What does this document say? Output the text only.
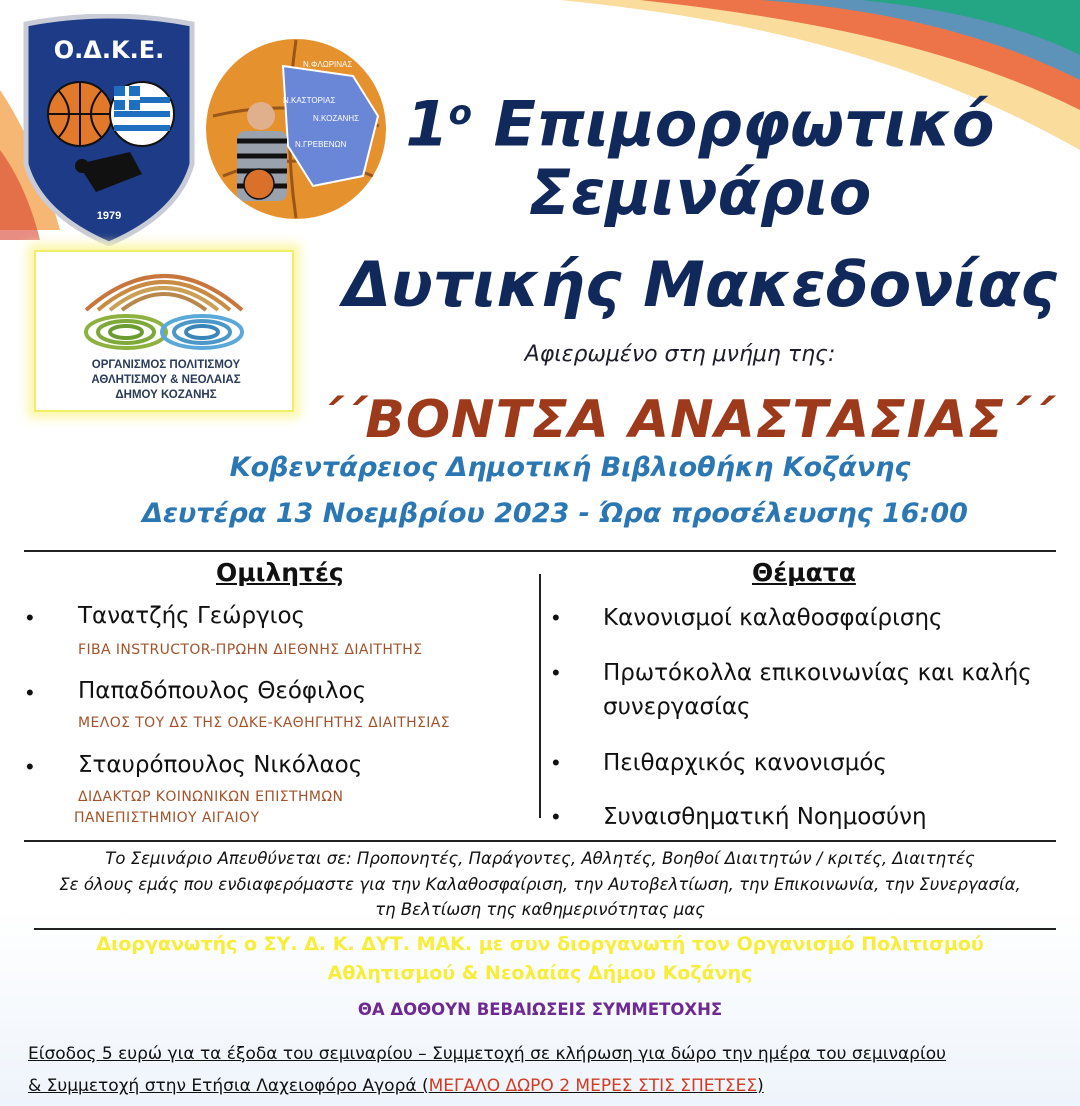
Ο.Δ.Κ.Ε.
1979
Ν.ΦΛΩΡΙΝΑΣ
Ν.ΚΑΣΤΟΡΙΑΣ
Ν.ΚΟΖΑΝΗΣ
Ν.ΓΡΕΒΕΝΩΝ
ΟΡΓΑΝΙΣΜΟΣ ΠΟΛΙΤΙΣΜΟΥ
ΑΘΛΗΤΙΣΜΟΥ & ΝΕΟΛΑΙΑΣ
ΔΗΜΟΥ ΚΟΖΑΝΗΣ
$1^o$ Επιμορφωτικό
Σεμινάριο
Δυτικής Μακεδονίας
Αφιερωμένο στη μνήμη της:
΄΄ΒΟΝΤΣΑ ΑΝΑΣΤΑΣΙΑΣ΄΄
Κοβεντάρειος Δημοτική Βιβλιοθήκη Κοζάνης
Δευτέρα 13 Νοεμβρίου 2023 - Ώρα προσέλευσης 16:00
Ομιλητές
• Τανατζής Γεώργιος
FIBA INSTRUCTOR-ΠΡΩΗΝ ΔΙΕΘΝΗΣ ΔΙΑΙΤΗΤΗΣ
• Παπαδόπουλος Θεόφιλος
ΜΕΛΟΣ ΤΟΥ ΔΣ ΤΗΣ ΟΔΚΕ-ΚΑΘΗΓΗΤΗΣ ΔΙΑΙΤΗΣΙΑΣ
• Σταυρόπουλος Νικόλαος
ΔΙΔΑΚΤΩΡ ΚΟΙΝΩΝΙΚΩΝ ΕΠΙΣΤΗΜΩΝ
ΠΑΝΕΠΙΣΤΗΜΙΟΥ ΑΙΓΑΙΟΥ
Θέματα
• Κανονισμοί καλαθοσφαίρισης
• Πρωτόκολλα επικοινωνίας και καλής
συνεργασίας
• Πειθαρχικός κανονισμός
• Συναισθηματική Νοημοσύνη
Το Σεμινάριο Απευθύνεται σε: Προπονητές, Παράγοντες, Αθλητές, Βοηθοί Διαιτητών / κριτές, Διαιτητές
Σε όλους εμάς που ενδιαφερόμαστε για την Καλαθοσφαίριση, την Αυτοβελτίωση, την Επικοινωνία, την Συνεργασία,
τη Βελτίωση της καθημερινότητας μας
Διοργανωτής ο ΣΥ. Δ. Κ. ΔΥΤ. ΜΑΚ. με συν διοργανωτή τον Οργανισμό Πολιτισμού
Αθλητισμού & Νεολαίας Δήμου Κοζάνης
ΘΑ ΔΟΘΟΥΝ ΒΕΒΑΙΩΣΕΙΣ ΣΥΜΜΕΤΟΧΗΣ
Είσοδος 5 ευρώ για τα έξοδα του σεμιναρίου – Συμμετοχή σε κλήρωση για δώρο την ημέρα του σεμιναρίου
& Συμμετοχή στην Ετήσια Λαχειοφόρο Αγορά (ΜΕΓΑΛΟ ΔΩΡΟ 2 ΜΕΡΕΣ ΣΤΙΣ ΣΠΕΤΣΕΣ)
